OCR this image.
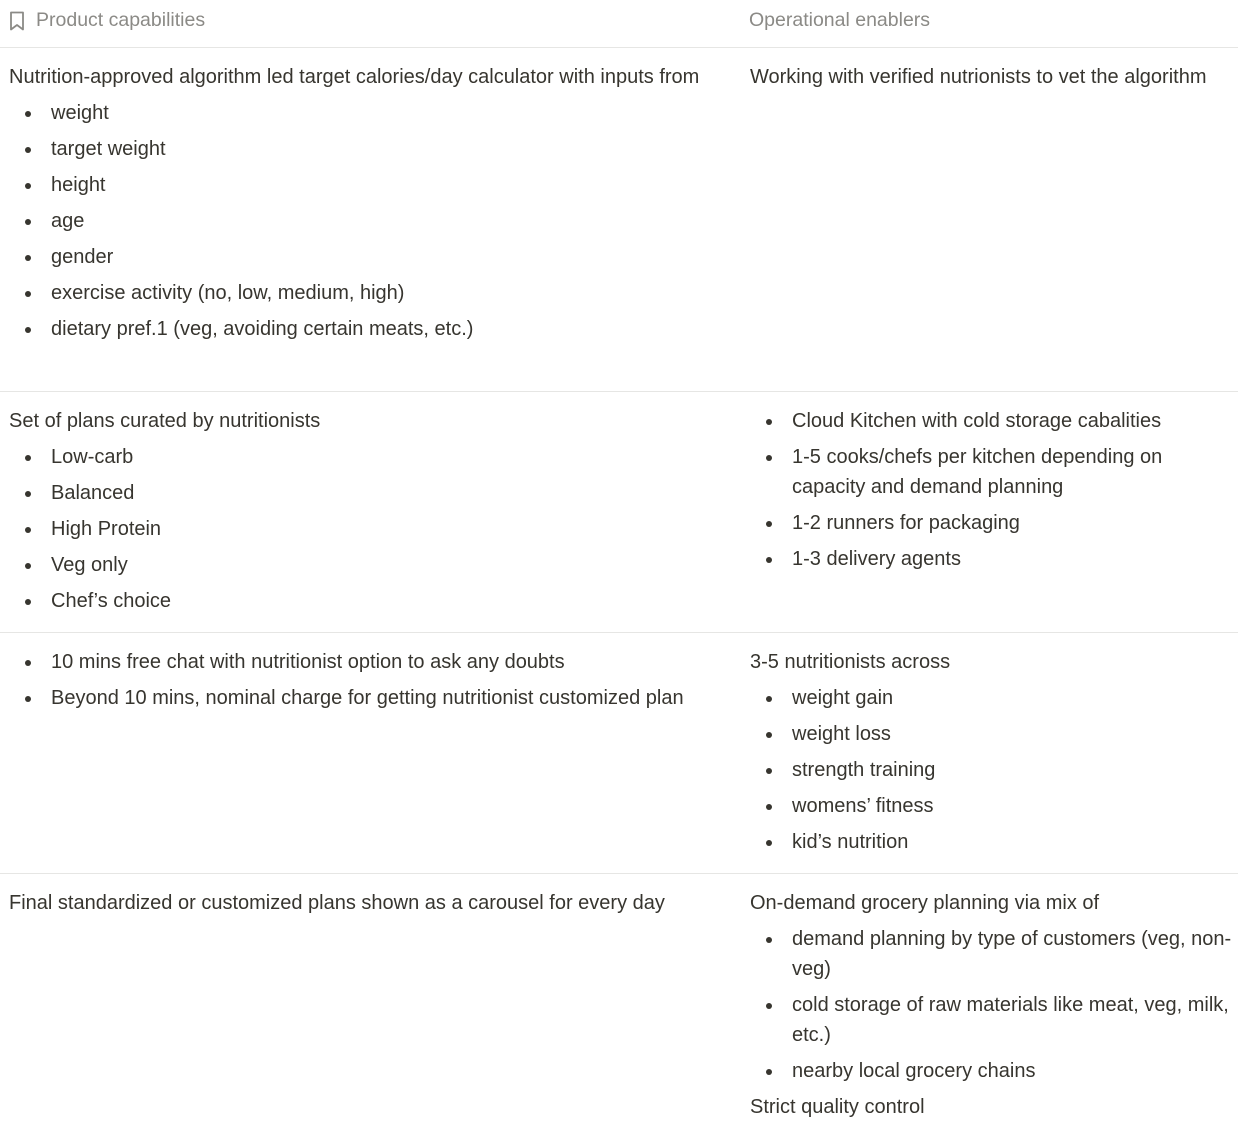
Product capabilities	Operational enablers

Nutrition-approved algorithm led target calories/day calculator with inputs from

weight
target weight
height
age
gender
exercise activity (no, low, medium, high)
dietary pref.1 (veg, avoiding certain meats, etc.)

Working with verified nutrionists to vet the algorithm

Set of plans curated by nutritionists

Low-carb
Balanced
High Protein
Veg only
Chef’s choice
Cloud Kitchen with cold storage cabalities
1-5 cooks/chefs per kitchen depending on capacity and demand planning
1-2 runners for packaging
1-3 delivery agents
10 mins free chat with nutritionist option to ask any doubts
Beyond 10 mins, nominal charge for getting nutritionist customized plan

3-5 nutritionists across

weight gain
weight loss
strength training
womens’ fitness
kid’s nutrition

Final standardized or customized plans shown as a carousel for every day	On-demand grocery planning via mix of

demand planning by type of customers (veg, non-veg)
cold storage of raw materials like meat, veg, milk, etc.)
nearby local grocery chains

Strict quality control
